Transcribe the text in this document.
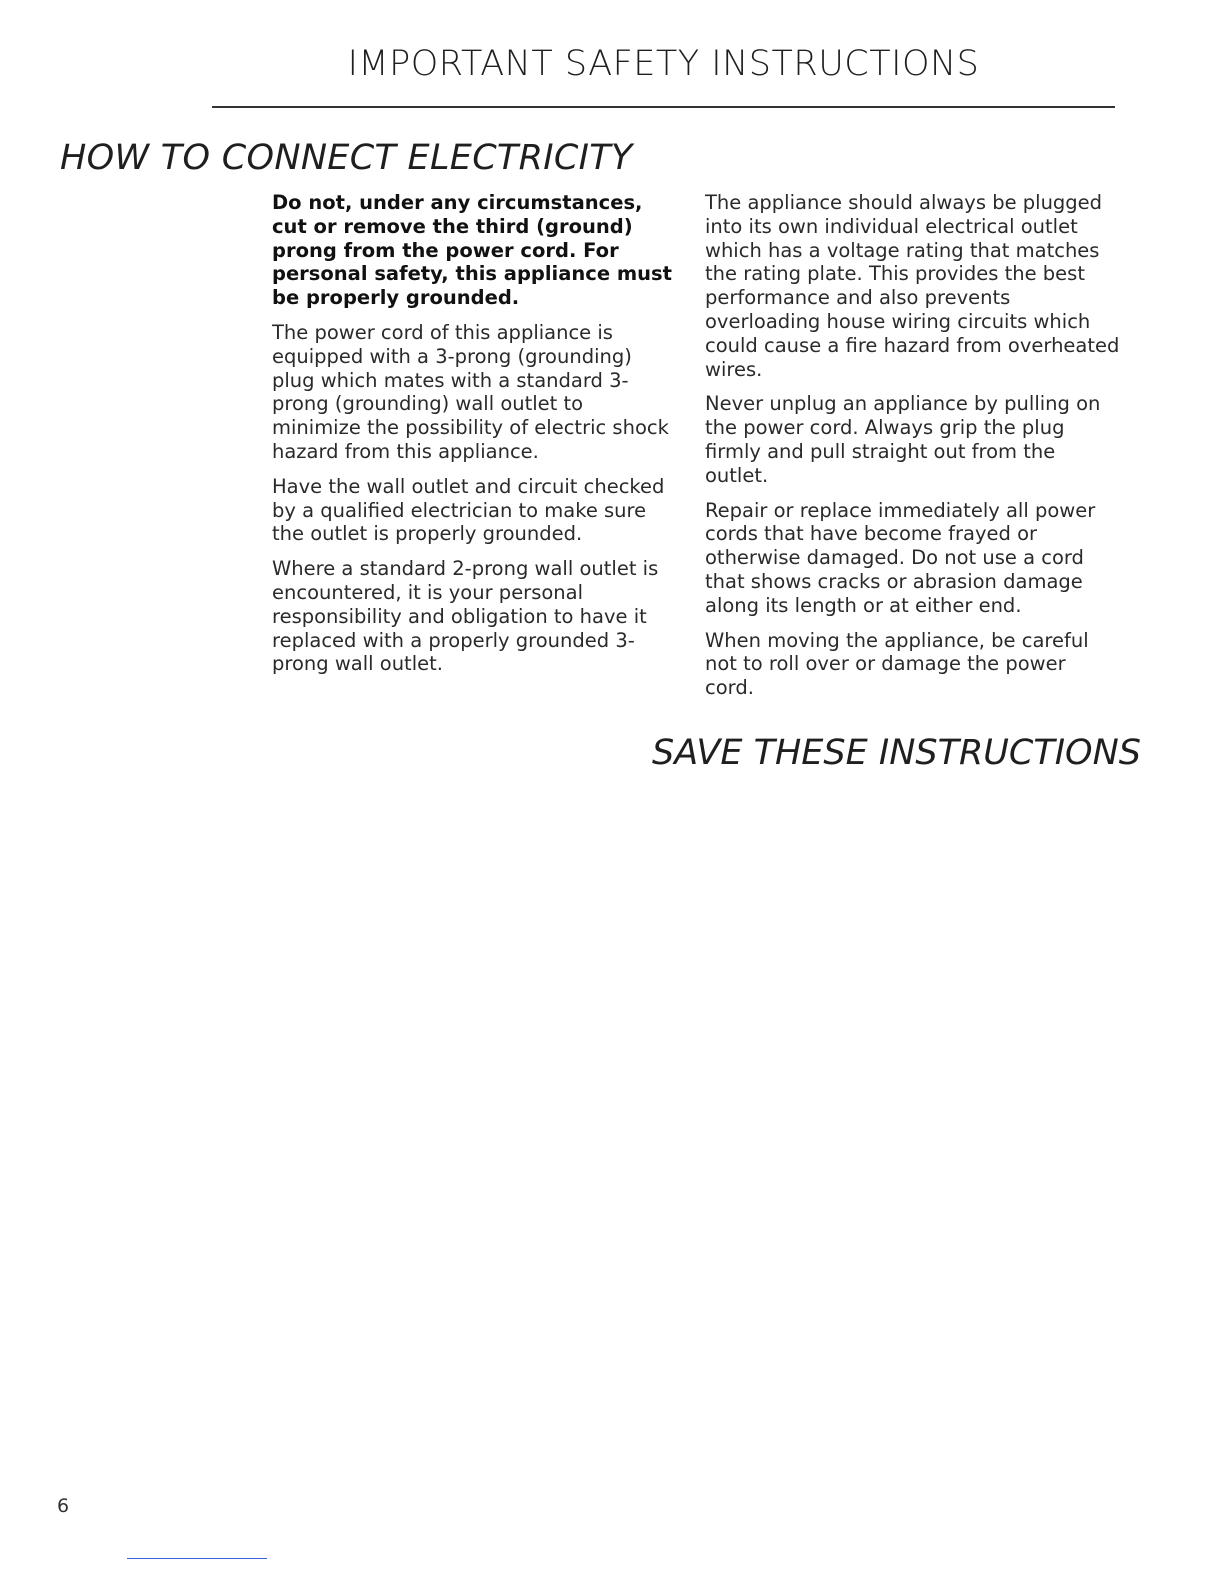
IMPORTANT SAFETY INSTRUCTIONS
HOW TO CONNECT ELECTRICITY

Do not, under any circumstances, cut or remove the third (ground) prong from the power cord. For personal safety, this appliance must be properly grounded.

The power cord of this appliance is equipped with a 3-prong (grounding) plug which mates with a standard 3-prong (grounding) wall outlet to minimize the possibility of electric shock hazard from this appliance.

Have the wall outlet and circuit checked by a qualified electrician to make sure the outlet is properly grounded.

Where a standard 2-prong wall outlet is encountered, it is your personal responsibility and obligation to have it replaced with a properly grounded 3-prong wall outlet.

The appliance should always be plugged into its own individual electrical outlet which has a voltage rating that matches the rating plate. This provides the best performance and also prevents overloading house wiring circuits which could cause a fire hazard from overheated wires.

Never unplug an appliance by pulling on the power cord. Always grip the plug firmly and pull straight out from the outlet.

Repair or replace immediately all power cords that have become frayed or otherwise damaged. Do not use a cord that shows cracks or abrasion damage along its length or at either end.

When moving the appliance, be careful not to roll over or damage the power cord.

SAVE THESE INSTRUCTIONS
6
